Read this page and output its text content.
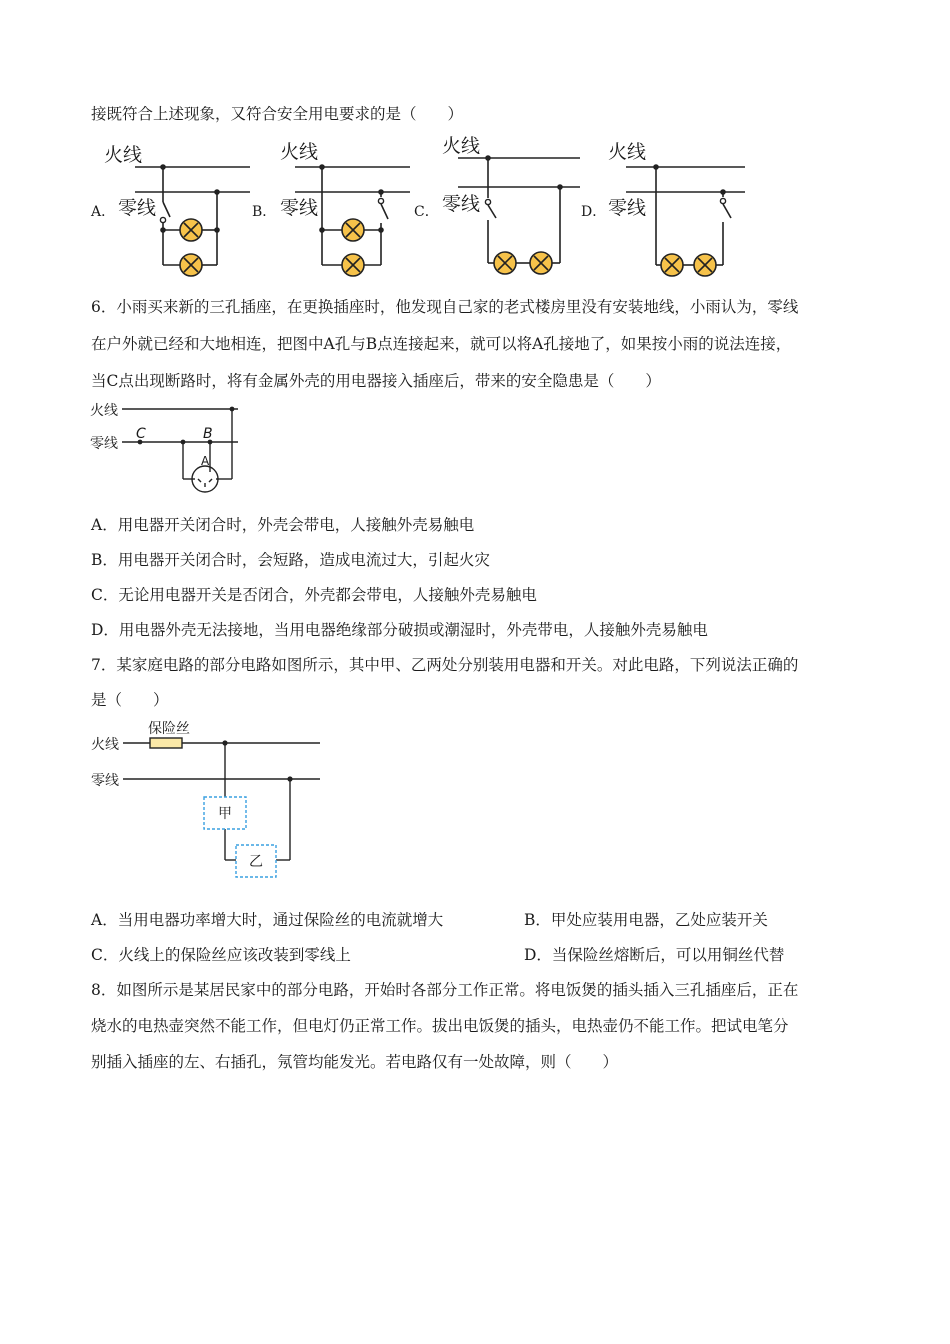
接既符合上述现象，又符合安全用电要求的是（　　）
A．	B．	C．	D．
火线
零线
火线
零线
火线
零线
火线
零线
6．小雨买来新的三孔插座，在更换插座时，他发现自己家的老式楼房里没有安装地线，小雨认为，零线
在户外就已经和大地相连，把图中A孔与B点连接起来，就可以将A孔接地了，如果按小雨的说法连接，
当C点出现断路时，将有金属外壳的用电器接入插座后，带来的安全隐患是（　　）
火线
零线
C	B
A
A．用电器开关闭合时，外壳会带电，人接触外壳易触电
B．用电器开关闭合时，会短路，造成电流过大，引起火灾
C．无论用电器开关是否闭合，外壳都会带电，人接触外壳易触电
D．用电器外壳无法接地，当用电器绝缘部分破损或潮湿时，外壳带电，人接触外壳易触电
7．某家庭电路的部分电路如图所示，其中甲、乙两处分别装用电器和开关。对此电路，下列说法正确的
是（　　）
保险丝
火线
零线
甲
乙
A．当用电器功率增大时，通过保险丝的电流就增大	B．甲处应装用电器，乙处应装开关
C．火线上的保险丝应该改装到零线上	D．当保险丝熔断后，可以用铜丝代替
8．如图所示是某居民家中的部分电路，开始时各部分工作正常。将电饭煲的插头插入三孔插座后，正在
烧水的电热壶突然不能工作，但电灯仍正常工作。拔出电饭煲的插头，电热壶仍不能工作。把试电笔分
别插入插座的左、右插孔，氖管均能发光。若电路仅有一处故障，则（　　）
